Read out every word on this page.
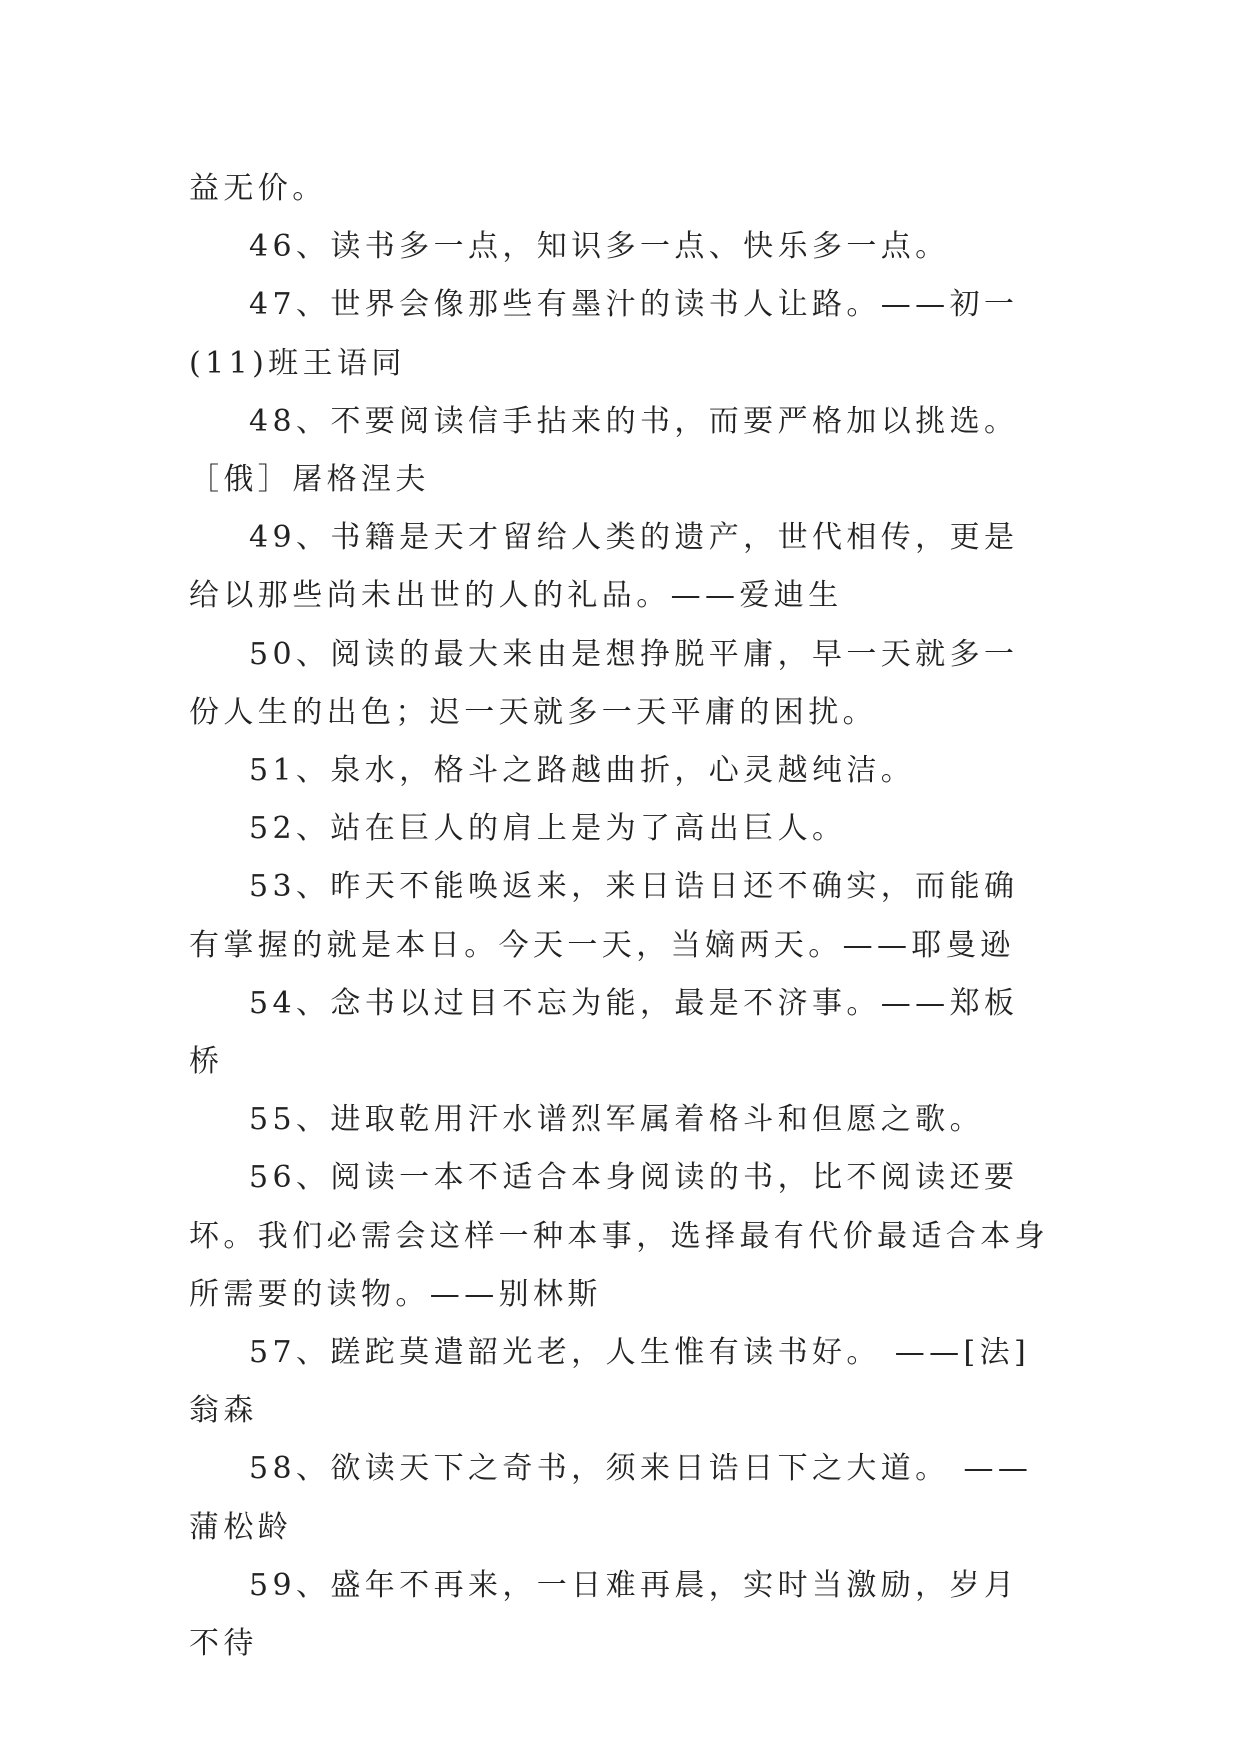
益无价。

46、读书多一点，知识多一点、快乐多一点。

47、世界会像那些有墨汁的读书人让路。——初一(11)班王语同

48、不要阅读信手拈来的书，而要严格加以挑选。［俄］屠格涅夫

49、书籍是天才留给人类的遗产，世代相传，更是给以那些尚未出世的人的礼品。——爱迪生

50、阅读的最大来由是想挣脱平庸，早一天就多一份人生的出色；迟一天就多一天平庸的困扰。

51、泉水，格斗之路越曲折，心灵越纯洁。

52、站在巨人的肩上是为了高出巨人。

53、昨天不能唤返来，来日诰日还不确实，而能确有掌握的就是本日。今天一天，当嫡两天。——耶曼逊

54、念书以过目不忘为能，最是不济事。——郑板桥

55、进取乾用汗水谱烈军属着格斗和但愿之歌。

56、阅读一本不适合本身阅读的书，比不阅读还要坏。我们必需会这样一种本事，选择最有代价最适合本身所需要的读物。——别林斯

57、蹉跎莫遣韶光老，人生惟有读书好。 ——[法]翁森

58、欲读天下之奇书，须来日诰日下之大道。 ——蒲松龄

59、盛年不再来，一日难再晨，实时当激励，岁月不待
